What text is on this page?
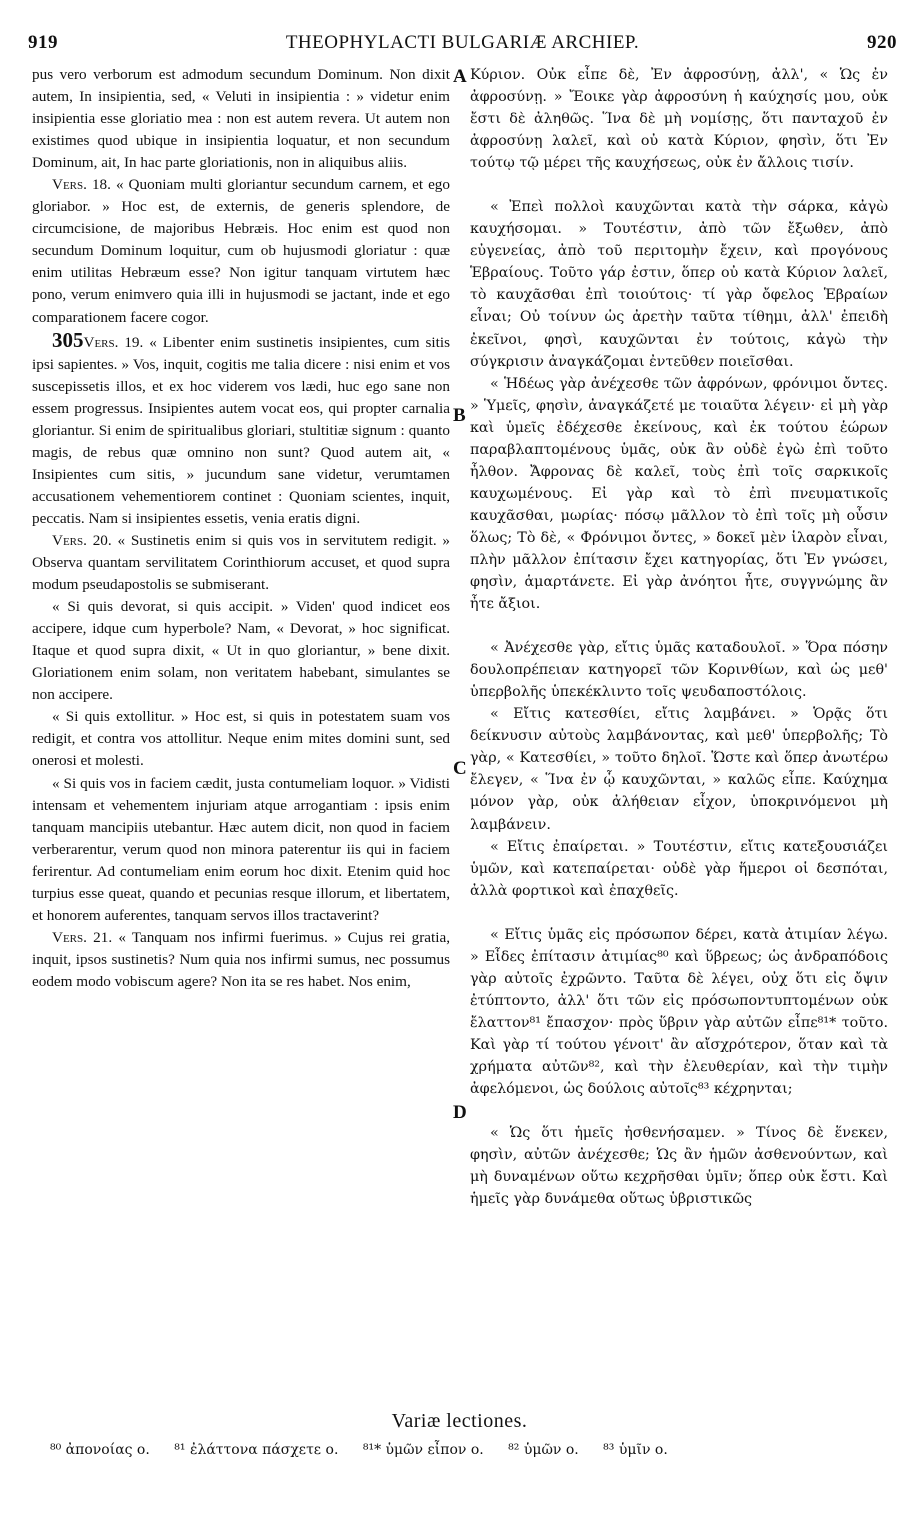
919	THEOPHYLACTI BULGARIÆ ARCHIEP.	920

pus vero verborum est admodum secundum Dominum. Non dixit autem, In insipientia, sed, « Veluti in insipientia : » videtur enim insipientia esse gloriatio mea : non est autem revera. Ut autem non existimes quod ubique in insipientia loquatur, et non secundum Dominum, ait, In hac parte gloriationis, non in aliquibus aliis.

Vers. 18. « Quoniam multi gloriantur secundum carnem, et ego gloriabor. » Hoc est, de externis, de generis splendore, de circumcisione, de majoribus Hebræis. Hoc enim est quod non secundum Dominum loquitur, cum ob hujusmodi gloriatur : quæ enim utilitas Hebræum esse? Non igitur tanquam virtutem hæc pono, verum enimvero quia illi in hujusmodi se jactant, inde et ego comparationem facere cogor.

305Vers. 19. « Libenter enim sustinetis insipientes, cum sitis ipsi sapientes. » Vos, inquit, cogitis me talia dicere : nisi enim et vos suscepissetis illos, et ex hoc viderem vos lædi, huc ego sane non essem progressus. Insipientes autem vocat eos, qui propter carnalia gloriantur. Si enim de spiritualibus gloriari, stultitiæ signum : quanto magis, de rebus quæ omnino non sunt? Quod autem ait, « Insipientes cum sitis, » jucundum sane videtur, verumtamen accusationem vehementiorem continet : Quoniam scientes, inquit, peccatis. Nam si insipientes essetis, venia eratis digni.

Vers. 20. « Sustinetis enim si quis vos in servitutem redigit. » Observa quantam servilitatem Corinthiorum accuset, et quod supra modum pseudapostolis se submiserant.

« Si quis devorat, si quis accipit. » Viden' quod indicet eos accipere, idque cum hyperbole? Nam, « Devorat, » hoc significat. Itaque et quod supra dixit, « Ut in quo gloriantur, » bene dixit. Gloriationem enim solam, non veritatem habebant, simulantes se non accipere.

« Si quis extollitur. » Hoc est, si quis in potestatem suam vos redigit, et contra vos attollitur. Neque enim mites domini sunt, sed onerosi et molesti.

« Si quis vos in faciem cædit, justa contumeliam loquor. » Vidisti intensam et vehementem injuriam atque arrogantiam : ipsis enim tanquam mancipiis utebantur. Hæc autem dicit, non quod in faciem verberarentur, verum quod non minora paterentur iis qui in faciem ferirentur. Ad contumeliam enim eorum hoc dixit. Etenim quid hoc turpius esse queat, quando et pecunias resque illorum, et libertatem, et honorem auferentes, tanquam servos illos tractaverint?

Vers. 21. « Tanquam nos infirmi fuerimus. » Cujus rei gratia, inquit, ipsos sustinetis? Num quia nos infirmi sumus, nec possumus eodem modo vobiscum agere? Non ita se res habet. Nos enim,

A
B
C
D

Κύριον. Οὐκ εἶπε δὲ, Ἐν ἀφροσύνῃ, ἀλλ', « Ὡς ἐν ἀφροσύνῃ. » Ἔοικε γὰρ ἀφροσύνη ἡ καύχησίς μου, οὐκ ἔστι δὲ ἀληθῶς. Ἵνα δὲ μὴ νομίσῃς, ὅτι πανταχοῦ ἐν ἀφροσύνῃ λαλεῖ, καὶ οὐ κατὰ Κύριον, φησὶν, ὅτι Ἐν τούτῳ τῷ μέρει τῆς καυχήσεως, οὐκ ἐν ἄλλοις τισίν.

« Ἐπεὶ πολλοὶ καυχῶνται κατὰ τὴν σάρκα, κἀγὼ καυχήσομαι. » Τουτέστιν, ἀπὸ τῶν ἔξωθεν, ἀπὸ εὐγενείας, ἀπὸ τοῦ περιτομὴν ἔχειν, καὶ προγόνους Ἑβραίους. Τοῦτο γάρ ἐστιν, ὅπερ οὐ κατὰ Κύριον λαλεῖ, τὸ καυχᾶσθαι ἐπὶ τοιούτοις· τί γὰρ ὄφελος Ἑβραίων εἶναι; Οὐ τοίνυν ὡς ἀρετὴν ταῦτα τίθημι, ἀλλ' ἐπειδὴ ἐκεῖνοι, φησὶ, καυχῶνται ἐν τούτοις, κἀγὼ τὴν σύγκρισιν ἀναγκάζομαι ἐντεῦθεν ποιεῖσθαι.

« Ἡδέως γὰρ ἀνέχεσθε τῶν ἀφρόνων, φρόνιμοι ὄντες. » Ὑμεῖς, φησὶν, ἀναγκάζετέ με τοιαῦτα λέγειν· εἰ μὴ γὰρ καὶ ὑμεῖς ἐδέχεσθε ἐκείνους, καὶ ἐκ τούτου ἑώρων παραβλαπτομένους ὑμᾶς, οὐκ ἂν οὐδὲ ἐγὼ ἐπὶ τοῦτο ἦλθον. Ἄφρονας δὲ καλεῖ, τοὺς ἐπὶ τοῖς σαρκικοῖς καυχωμένους. Εἰ γὰρ καὶ τὸ ἐπὶ πνευματικοῖς καυχᾶσθαι, μωρίας· πόσῳ μᾶλλον τὸ ἐπὶ τοῖς μὴ οὖσιν ὅλως; Τὸ δὲ, « Φρόνιμοι ὄντες, » δοκεῖ μὲν ἱλαρὸν εἶναι, πλὴν μᾶλλον ἐπίτασιν ἔχει κατηγορίας, ὅτι Ἐν γνώσει, φησὶν, ἁμαρτάνετε. Εἰ γὰρ ἀνόητοι ἦτε, συγγνώμης ἂν ἦτε ἄξιοι.

« Ἀνέχεσθε γὰρ, εἴτις ὑμᾶς καταδουλοῖ. » Ὅρα πόσην δουλοπρέπειαν κατηγορεῖ τῶν Κορινθίων, καὶ ὡς μεθ' ὑπερβολῆς ὑπεκέκλιντο τοῖς ψευδαποστόλοις.

« Εἴτις κατεσθίει, εἴτις λαμβάνει. » Ὁρᾷς ὅτι δείκνυσιν αὐτοὺς λαμβάνοντας, καὶ μεθ' ὑπερβολῆς; Τὸ γὰρ, « Κατεσθίει, » τοῦτο δηλοῖ. Ὥστε καὶ ὅπερ ἀνωτέρω ἔλεγεν, « Ἵνα ἐν ᾧ καυχῶνται, » καλῶς εἶπε. Καύχημα μόνον γὰρ, οὐκ ἀλήθειαν εἶχον, ὑποκρινόμενοι μὴ λαμβάνειν.

« Εἴτις ἐπαίρεται. » Τουτέστιν, εἴτις κατεξουσιάζει ὑμῶν, καὶ κατεπαίρεται· οὐδὲ γὰρ ἥμεροι οἱ δεσπόται, ἀλλὰ φορτικοὶ καὶ ἐπαχθεῖς.

« Εἴτις ὑμᾶς εἰς πρόσωπον δέρει, κατὰ ἀτιμίαν λέγω. » Εἶδες ἐπίτασιν ἀτιμίας⁸⁰ καὶ ὕβρεως; ὡς ἀνδραπόδοις γὰρ αὐτοῖς ἐχρῶντο. Ταῦτα δὲ λέγει, οὐχ ὅτι εἰς ὄψιν ἐτύπτοντο, ἀλλ' ὅτι τῶν εἰς πρόσωποντυπτομένων οὐκ ἔλαττον⁸¹ ἔπασχον· πρὸς ὕβριν γὰρ αὐτῶν εἶπε⁸¹* τοῦτο. Καὶ γὰρ τί τούτου γένοιτ' ἂν αἴσχρότερον, ὅταν καὶ τὰ χρήματα αὐτῶν⁸², καὶ τὴν ἐλευθερίαν, καὶ τὴν τιμὴν ἀφελόμενοι, ὡς δούλοις αὐτοῖς⁸³ κέχρηνται;

« Ὡς ὅτι ἡμεῖς ἠσθενήσαμεν. » Τίνος δὲ ἕνεκεν, φησὶν, αὐτῶν ἀνέχεσθε; Ὡς ἂν ἡμῶν ἀσθενούντων, καὶ μὴ δυναμένων οὕτω κεχρῆσθαι ὑμῖν; ὅπερ οὐκ ἔστι. Καὶ ἡμεῖς γὰρ δυνάμεθα οὕτως ὑβριστικῶς

Variæ lectiones.
⁸⁰ ἀπονοίας ο. ⁸¹ ἐλάττονα πάσχετε ο. ⁸¹* ὑμῶν εἶπον ο. ⁸² ὑμῶν ο. ⁸³ ὑμῖν ο.
